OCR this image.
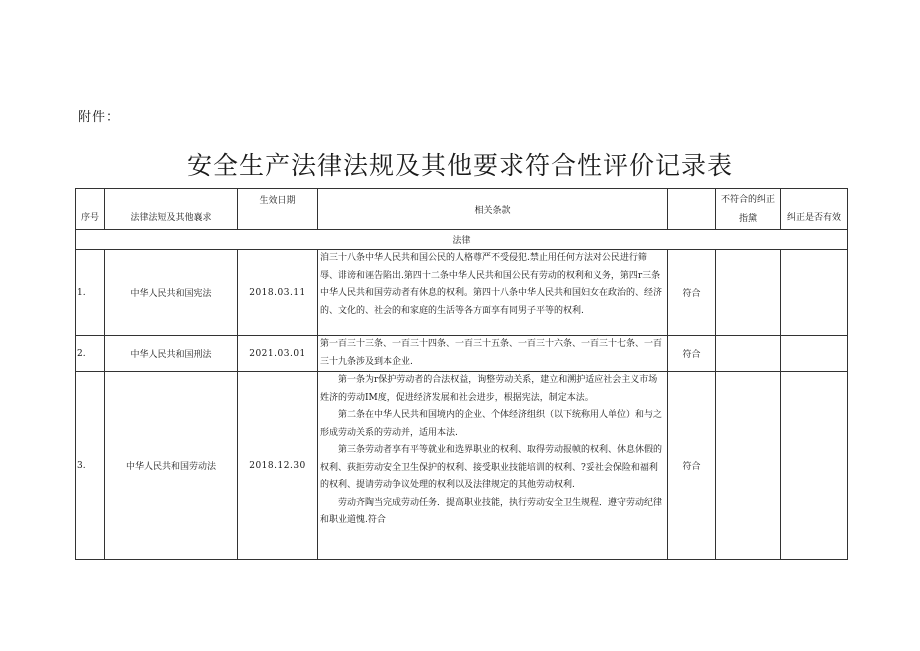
附件：
安全生产法律法规及其他要求符合性评价记录表
序号	法律法短及其他襄求	生效日期	相关条款		不符合的纠正指黛	纠正是否有效
法律						
1.	中华人民共和国宪法	2018.03.11	洎三十八条中华人民共和国公民的人格尊严不受侵犯.禁止用任何方法对公民进行筛辱、诽谤和诬告陷出.第四十二条中华人民共和国公民有劳动的权利和义务，第四r三条中华人民共和国劳动者有休息的权利。第四十八条中华人民共和国妇女在政治的、经济的、文化的、社会的和家庭的生活等各方面享有同男子平等的权利.	符合		
2.	中华人民共和国刑法	2021.03.01	第一百三十三条、一百三十四条、一百三十五条、一百三十六条、一百三十七条、一百三十九条涉及到本企业.	符合		
3.	中华人民共和国劳动法	2018.12.30	第一条为r保护劳动者的合法权益，询整劳动关系，建立和溯护适应社会主义市场姓济的劳动IM度，促进经济发展和社会进步，根据宪法，制定本法。
第二条在中华人民共和国境内的企业、个体经济组织（以下统称用人单位）和与之形成劳动关系的劳动并，适用本法.
第三条劳动者享有平等就业和选界职业的权利、取得劳动报帧的权利、休息休假的权利、荻拒劳动安全卫生保护的权利、接受职业技能培训的权利、?妥社会保险和福利的权利、提请劳动争议处理的权利以及法律规定的其他劳动权利.
劳动齐陶当完成劳动任务．提高职业技能，执行劳动安全卫生规程．遵守劳动纪律和职业道愧.符合	符合		
